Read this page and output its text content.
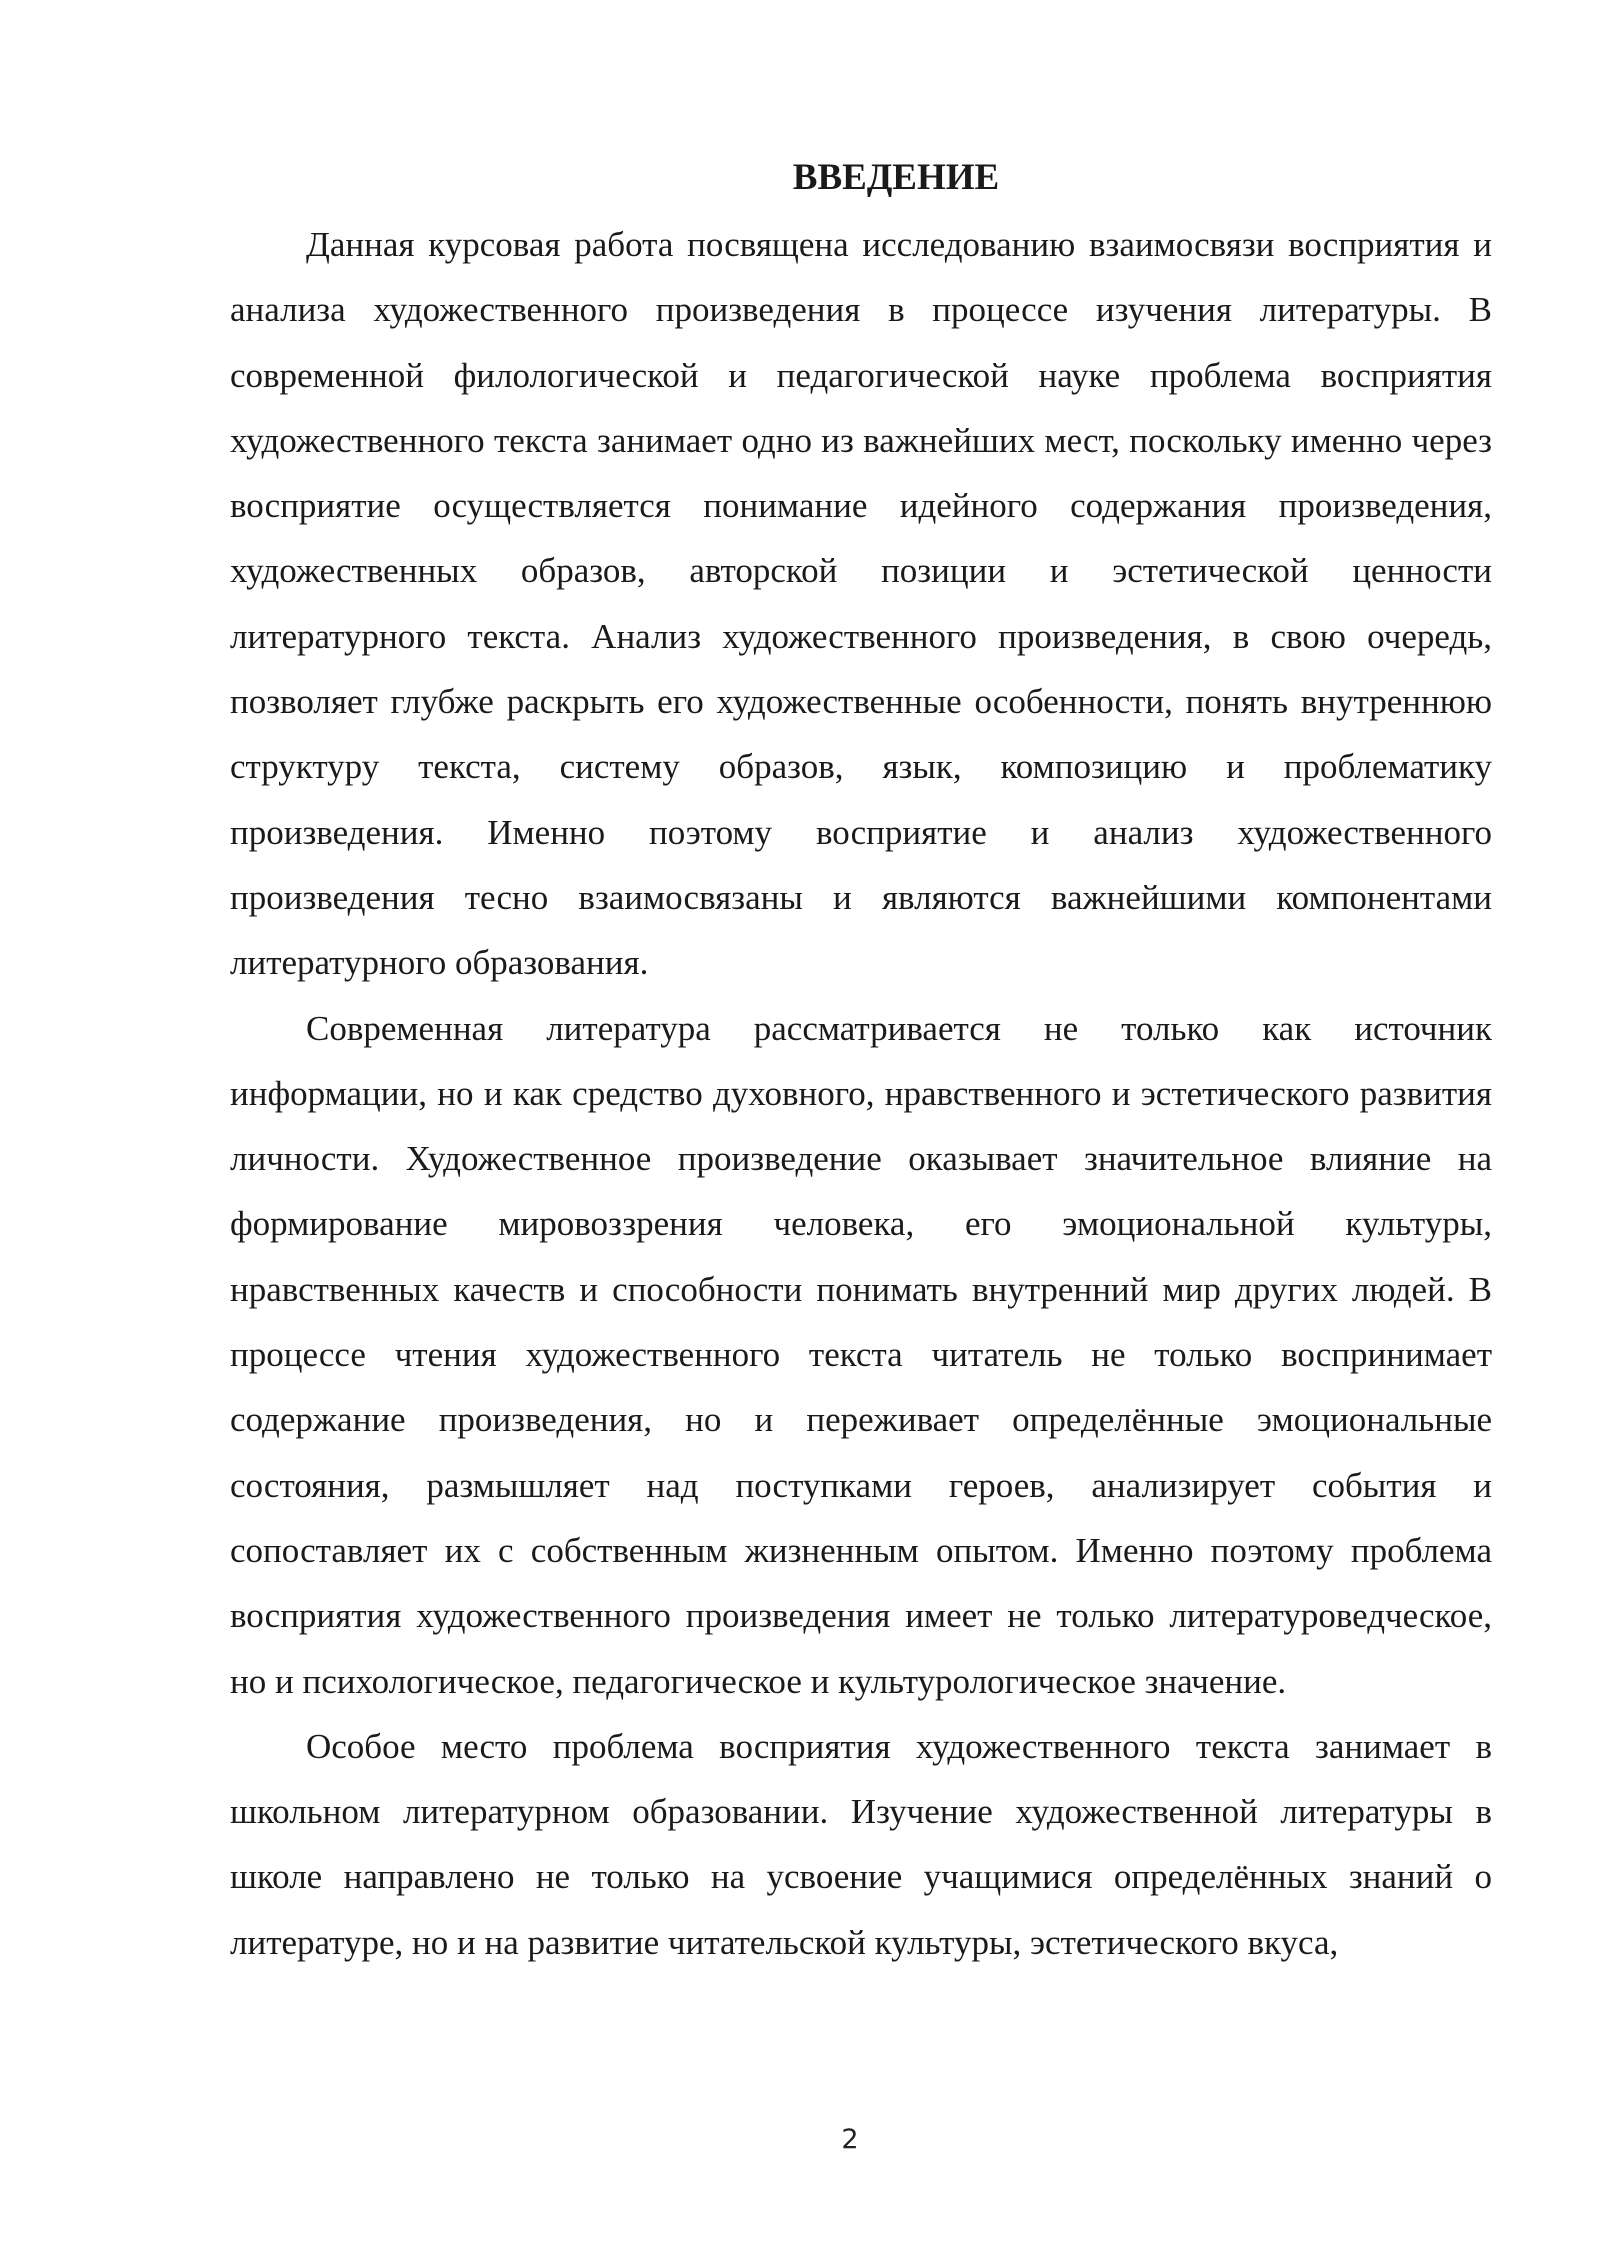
ВВЕДЕНИЕ

Данная курсовая работа посвящена исследованию взаимосвязи восприятия и анализа художественного произведения в процессе изучения литературы. В современной филологической и педагогической науке проблема восприятия художественного текста занимает одно из важнейших мест, поскольку именно через восприятие осуществляется понимание идейного содержания произведения, художественных образов, авторской позиции и эстетической ценности литературного текста. Анализ художественного произведения, в свою очередь, позволяет глубже раскрыть его художественные особенности, понять внутреннюю структуру текста, систему образов, язык, композицию и проблематику произведения. Именно поэтому восприятие и анализ художественного произведения тесно взаимосвязаны и являются важнейшими компонентами литературного образования.

Современная литература рассматривается не только как источник информации, но и как средство духовного, нравственного и эстетического развития личности. Художественное произведение оказывает значительное влияние на формирование мировоззрения человека, его эмоциональной культуры, нравственных качеств и способности понимать внутренний мир других людей. В процессе чтения художественного текста читатель не только воспринимает содержание произведения, но и переживает определённые эмоциональные состояния, размышляет над поступками героев, анализирует события и сопоставляет их с собственным жизненным опытом. Именно поэтому проблема восприятия художественного произведения имеет не только литературоведческое, но и психологическое, педагогическое и культурологическое значение.

Особое место проблема восприятия художественного текста занимает в школьном литературном образовании. Изучение художественной литературы в школе направлено не только на усвоение учащимися определённых знаний о литературе, но и на развитие читательской культуры, эстетического вкуса,

2
